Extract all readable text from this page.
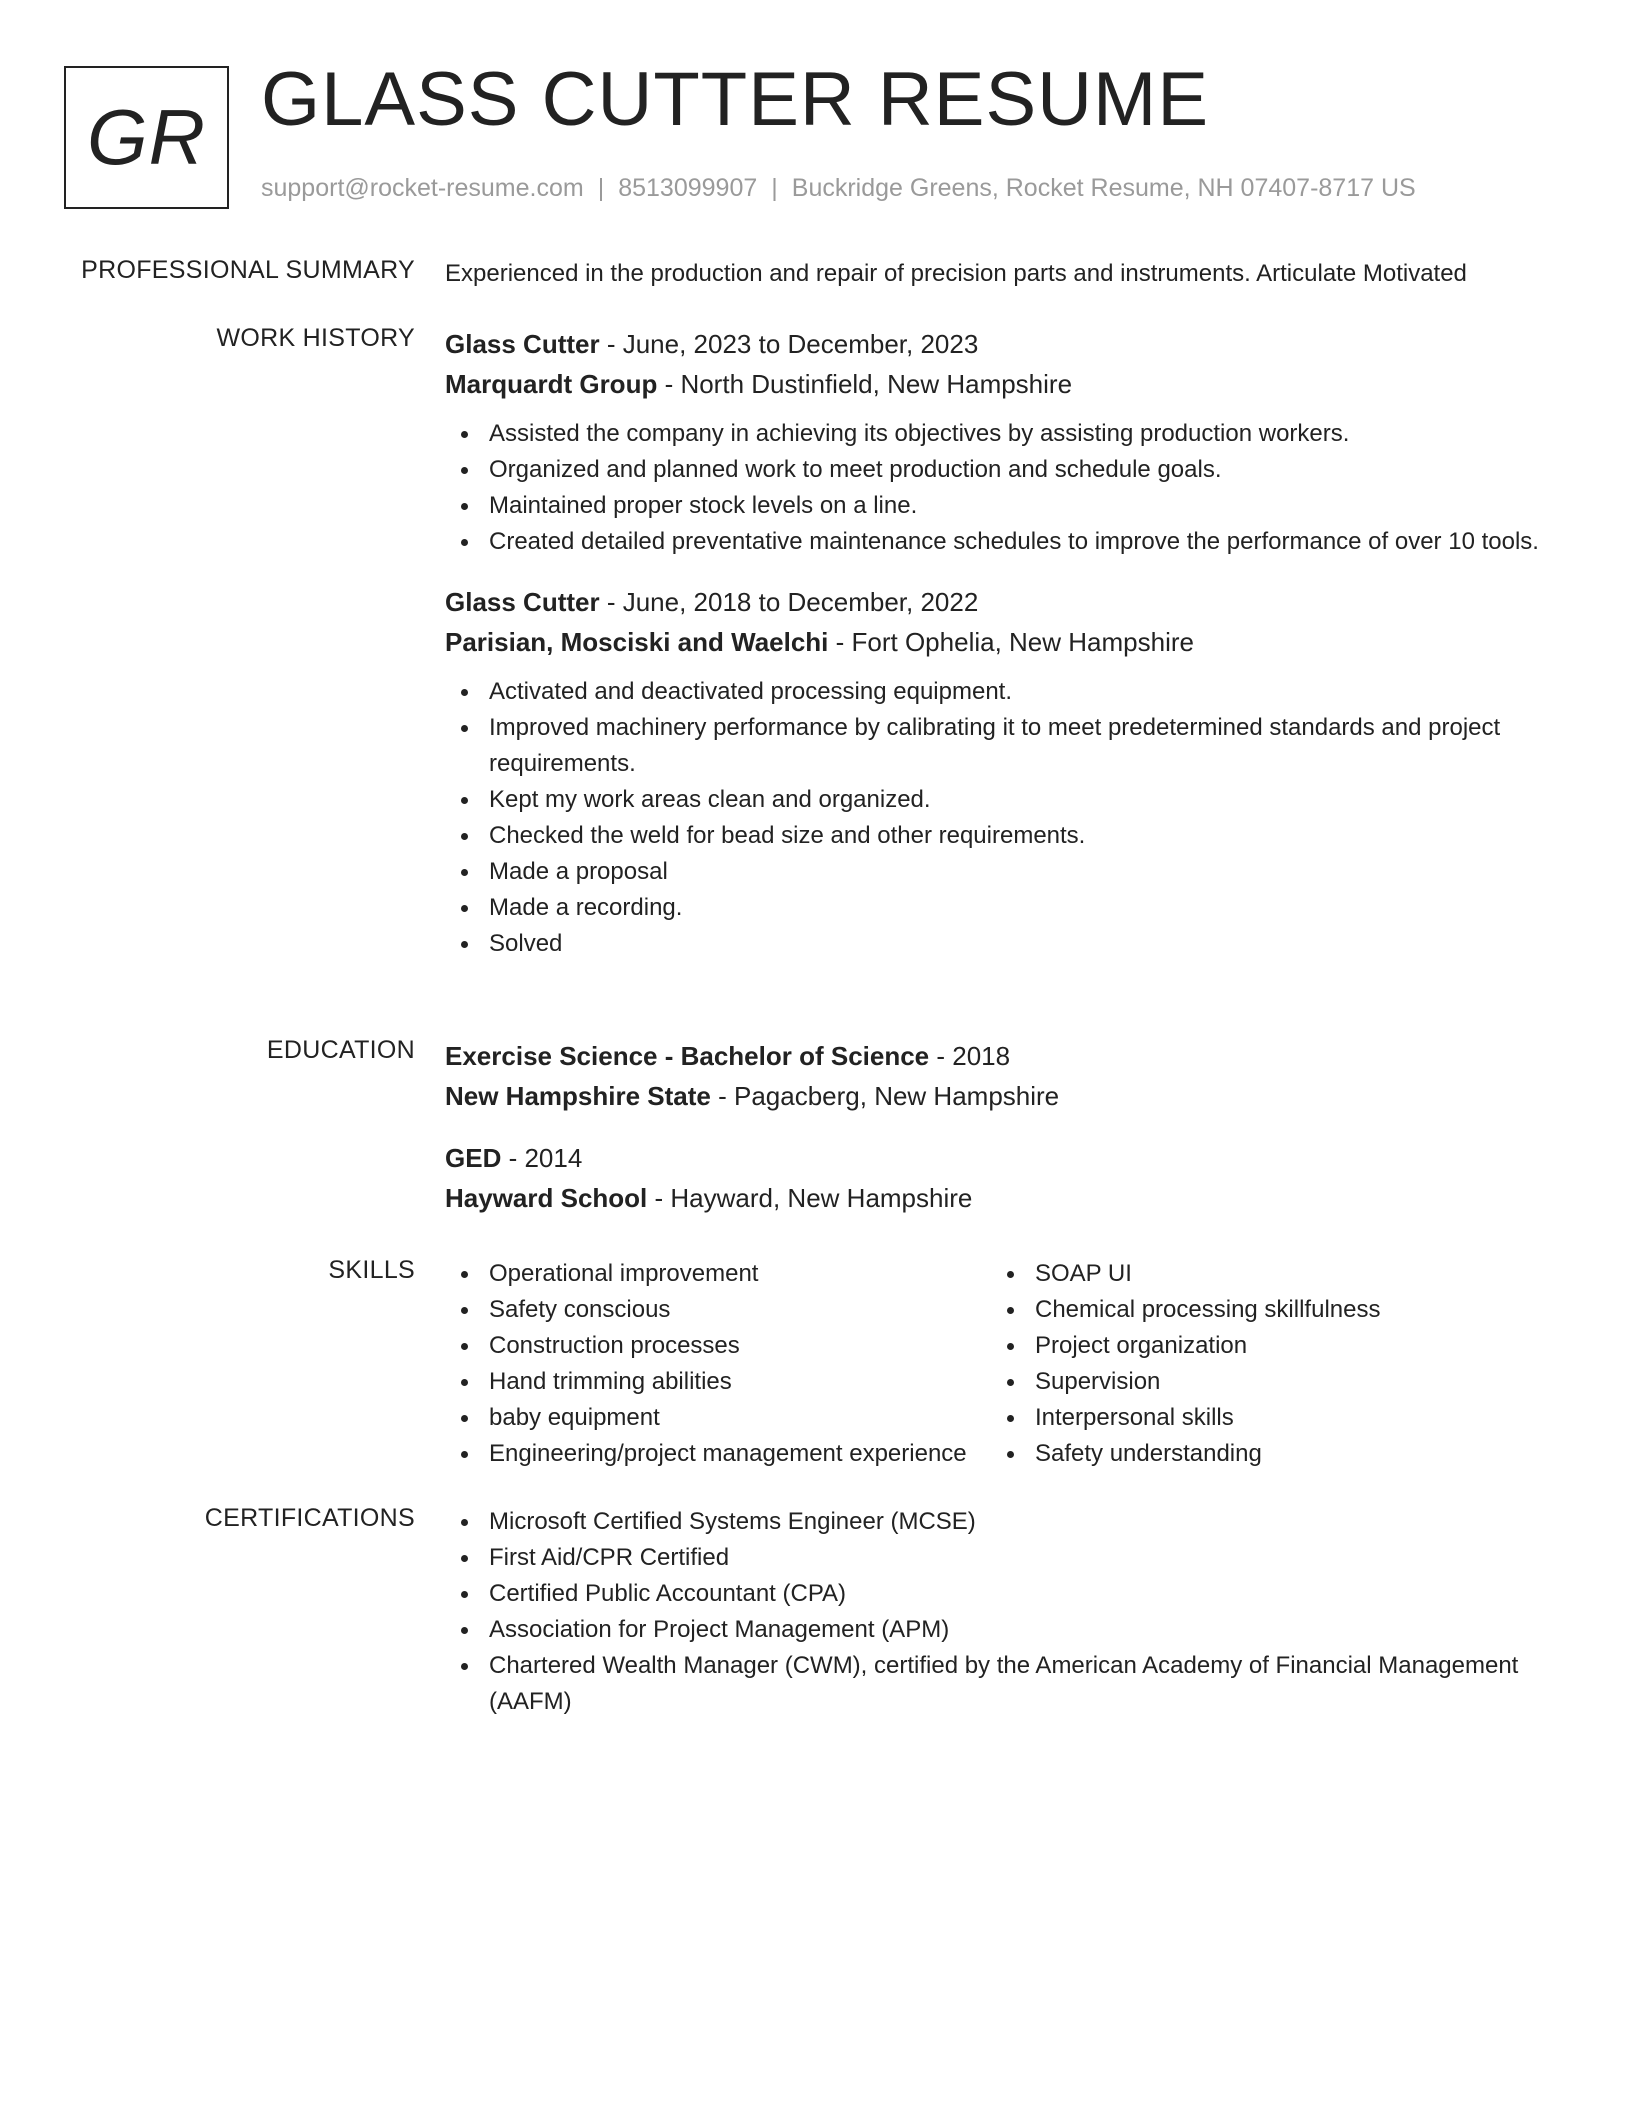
GR GLASS CUTTER RESUME
support@rocket-resume.com | 8513099907 | Buckridge Greens, Rocket Resume, NH 07407-8717 US
PROFESSIONAL SUMMARY Experienced in the production and repair of precision parts and instruments. Articulate Motivated
WORK HISTORY Glass Cutter - June, 2023 to December, 2023
Marquardt Group - North Dustinfield, New Hampshire
Assisted the company in achieving its objectives by assisting production workers.
Organized and planned work to meet production and schedule goals.
Maintained proper stock levels on a line.
Created detailed preventative maintenance schedules to improve the performance of over 10 tools.
Glass Cutter - June, 2018 to December, 2022
Parisian, Mosciski and Waelchi - Fort Ophelia, New Hampshire
Activated and deactivated processing equipment.
Improved machinery performance by calibrating it to meet predetermined standards and project requirements.
Kept my work areas clean and organized.
Checked the weld for bead size and other requirements.
Made a proposal
Made a recording.
Solved
EDUCATION Exercise Science - Bachelor of Science - 2018
New Hampshire State - Pagacberg, New Hampshire
GED - 2014
Hayward School - Hayward, New Hampshire
SKILLS	Operational improvement
Safety conscious
Construction processes
Hand trimming abilities
baby equipment
Engineering/project management experience
SOAP UI
Chemical processing skillfulness
Project organization
Supervision
Interpersonal skills
Safety understanding
CERTIFICATIONS	Microsoft Certified Systems Engineer (MCSE)
First Aid/CPR Certified
Certified Public Accountant (CPA)
Association for Project Management (APM)
Chartered Wealth Manager (CWM), certified by the American Academy of Financial Management (AAFM)
